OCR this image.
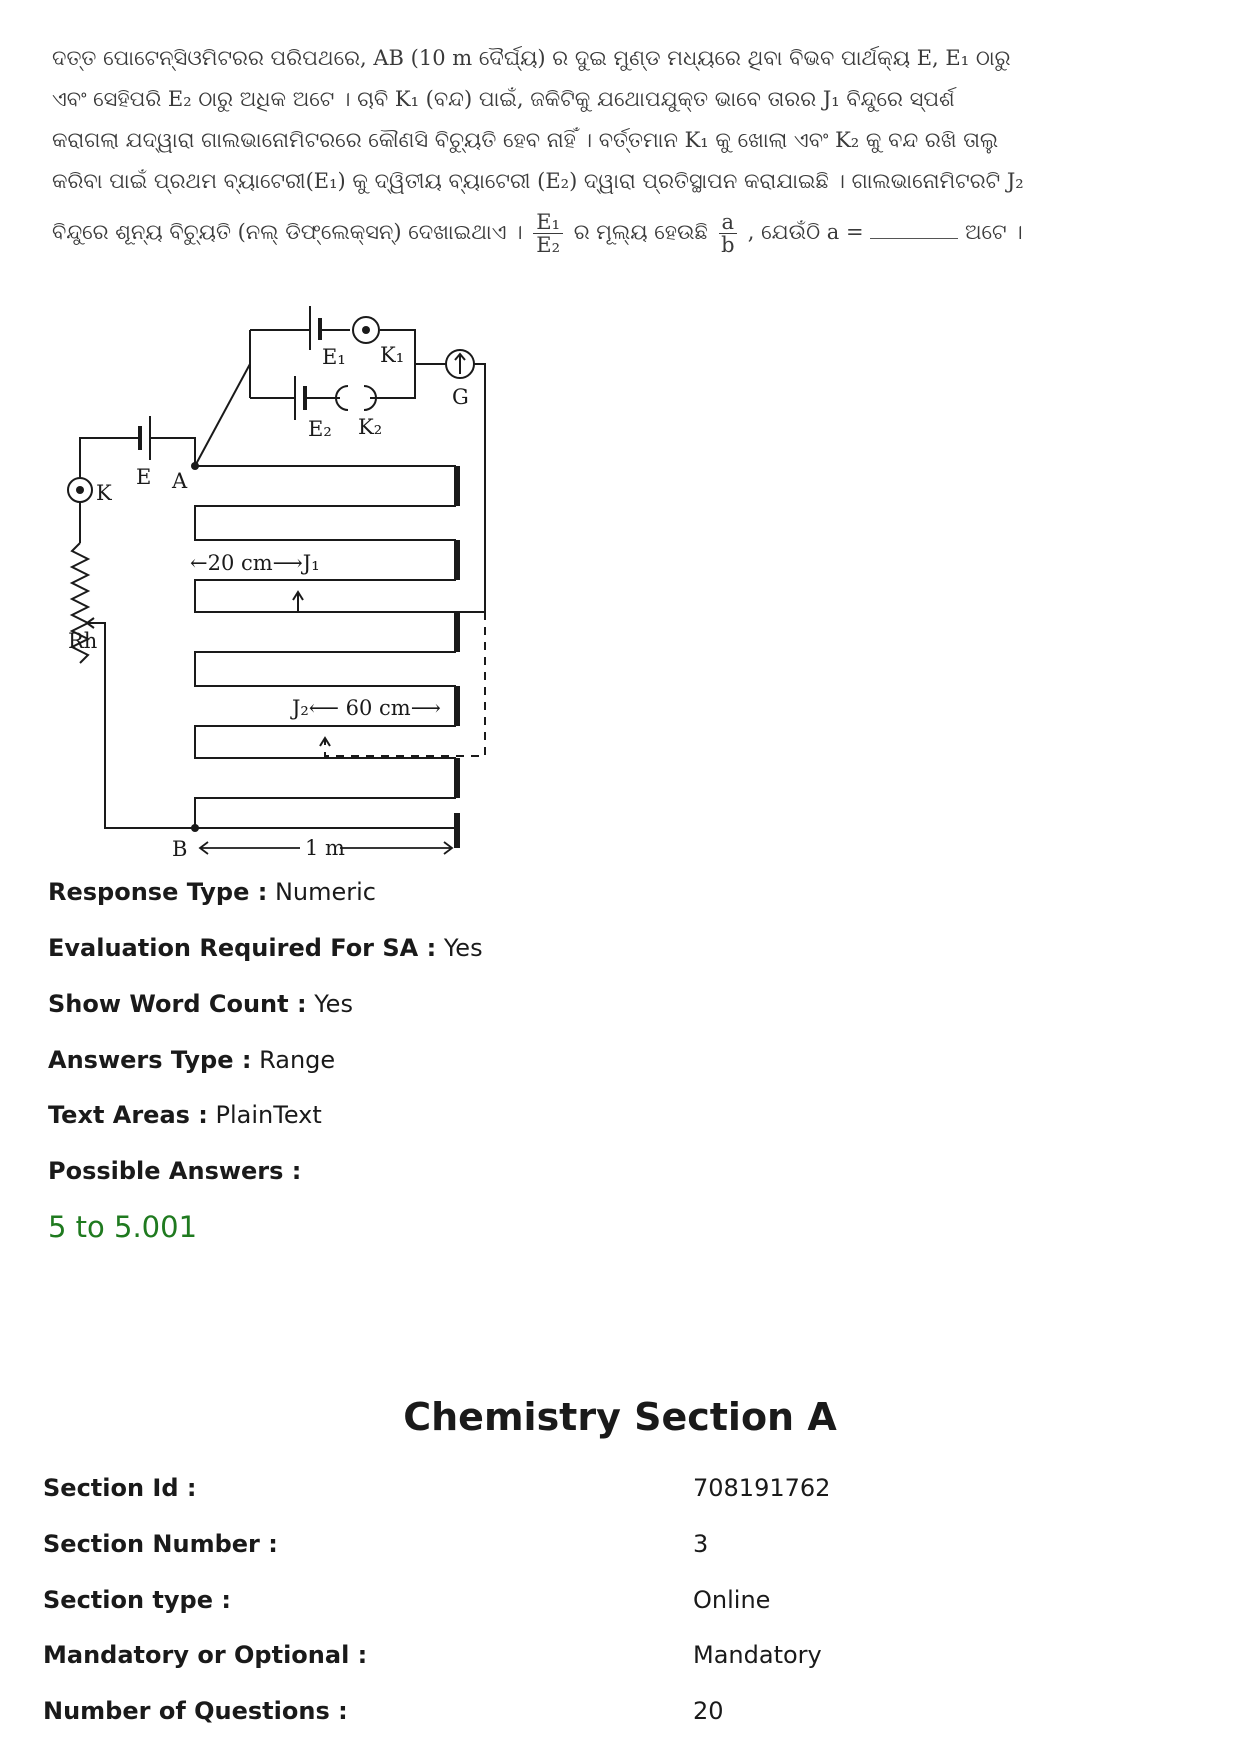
ଦତ୍ତ ପୋଟେନ୍‌ସିଓମିଟରର ପରିପଥରେ, AB (10 m ଦୈର୍ଘ୍ୟ) ର ଦୁଇ ମୁଣ୍ଡ ମଧ୍ୟରେ ଥିବା ବିଭବ ପାର୍ଥକ୍ୟ E, E₁ ଠାରୁ
ଏବଂ ସେହିପରି E₂ ଠାରୁ ଅଧିକ ଅଟେ । ଚାବି K₁ (ବନ୍ଦ) ପାଇଁ, ଜକିଟିକୁ ଯଥୋପଯୁକ୍ତ ଭାବେ ତାରର J₁ ବିନ୍ଦୁରେ ସ୍ପର୍ଶ
କରାଗଲା ଯଦ୍ୱାରା ଗାଲଭାନୋମିଟରରେ କୌଣସି ବିଚ୍ୟୁତି ହେବ ନାହିଁ । ବର୍ତ୍ତମାନ K₁ କୁ ଖୋଲା ଏବଂ K₂ କୁ ବନ୍ଦ ରଖି ତାଲୁ
କରିବା ପାଇଁ ପ୍ରଥମ ବ୍ୟାଟେରୀ(E₁) କୁ ଦ୍ୱିତୀୟ ବ୍ୟାଟେରୀ (E₂) ଦ୍ୱାରା ପ୍ରତିସ୍ଥାପନ କରାଯାଇଛି । ଗାଲଭାନୋମିଟରଟି J₂
ବିନ୍ଦୁରେ ଶୂନ୍ୟ ବିଚ୍ୟୁତି (ନଲ୍ ଡିଫ୍ଲେକ୍ସନ୍) ଦେଖାଇଥାଏ । $\frac{\text{E₁}}{\text{E₂}}$ ର ମୂଲ୍ୟ ହେଉଛି $\frac{a}{b}$ , ଯେଉଁଠି a =	ଅଟେ ।
E₁ K₁
E₂ K₂
G
E A
K
Rh
←20 cm⟶J₁
J₂⟵ 60 cm⟶
B	1 m
Response Type : Numeric
Evaluation Required For SA : Yes
Show Word Count : Yes
Answers Type : Range
Text Areas : PlainText
Possible Answers :
5 to 5.001
Chemistry Section A
Section Id :	708191762
Section Number :	3
Section type :	Online
Mandatory or Optional :	Mandatory
Number of Questions :	20
